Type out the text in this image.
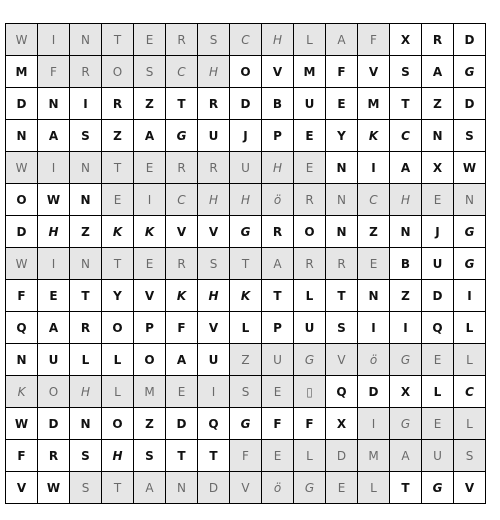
W	I	N	T	E	R	S	C	H	L	A	F	X	R	D
M	F	R	O	S	C	H	O	V	M	F	V	S	A	G
D	N	I	R	Z	T	R	D	B	U	E	M	T	Z	D
N	A	S	Z	A	G	U	J	P	E	Y	K	C	N	S
W	I	N	T	E	R	R	U	H	E	N	I	A	X	W
O	W	N	E	I	C	H	H	ö	R	N	C	H	E	N
D	H	Z	K	K	V	V	G	R	O	N	Z	N	J	G
W	I	N	T	E	R	S	T	A	R	R	E	B	U	G
F	E	T	Y	V	K	H	K	T	L	T	N	Z	D	I
Q	A	R	O	P	F	V	L	P	U	S	I	I	Q	L
N	U	L	L	O	A	U	Z	U	G	V	ö	G	E	L
K	O	H	L	M	E	I	S	E	▯	Q	D	X	L	C
W	D	N	O	Z	D	Q	G	F	F	X	I	G	E	L
F	R	S	H	S	T	T	F	E	L	D	M	A	U	S
V	W	S	T	A	N	D	V	ö	G	E	L	T	G	V
